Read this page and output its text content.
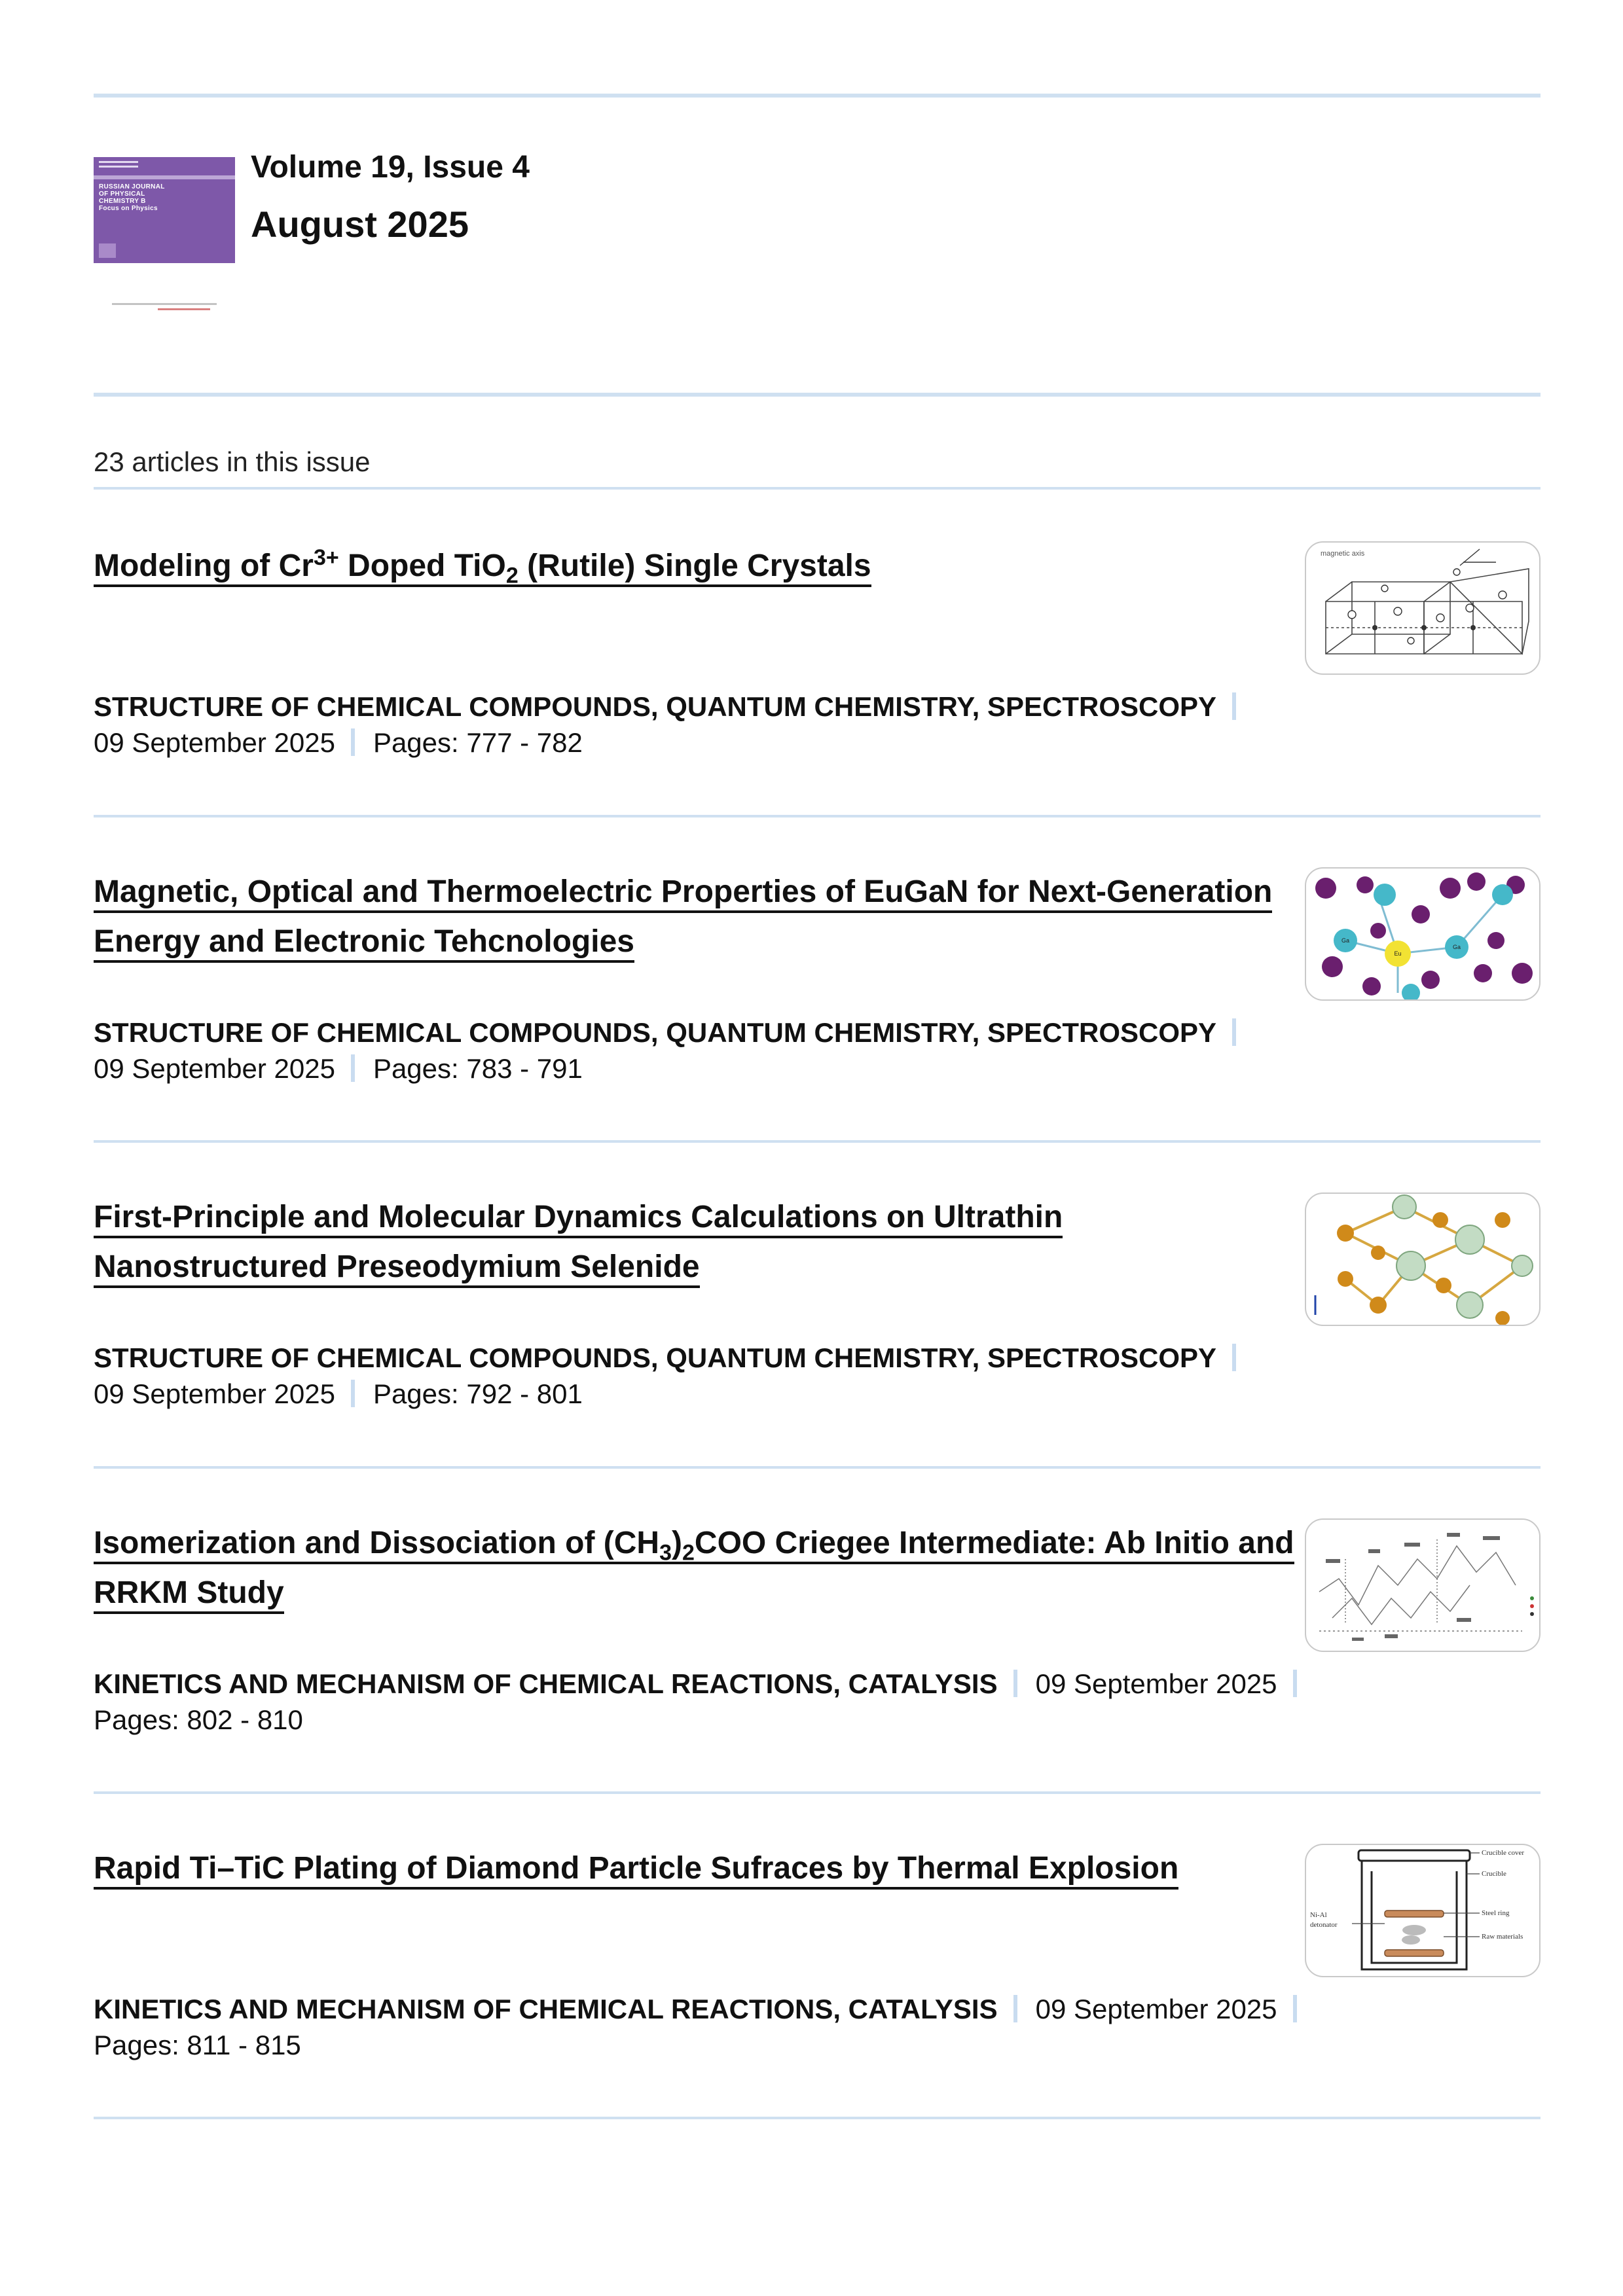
RUSSIAN JOURNAL
OF PHYSICAL
CHEMISTRY B
Focus on Physics
Volume 19, Issue 4
August 2025
23 articles in this issue
Modeling of $Cr^{3+}$ Doped TiO$_2$ (Rutile) Single Crystals
STRUCTURE OF CHEMICAL COMPOUNDS, QUANTUM CHEMISTRY, SPECTROSCOPY
09 September 2025 Pages: 777 - 782
magnetic axis
Magnetic, Optical and Thermoelectric Properties of EuGaN for Next-Generation Energy and Electronic Tehcnologies
STRUCTURE OF CHEMICAL COMPOUNDS, QUANTUM CHEMISTRY, SPECTROSCOPY
09 September 2025 Pages: 783 - 791
Ga
Eu
Ga
First-Principle and Molecular Dynamics Calculations on Ultrathin Nanostructured Preseodymium Selenide
STRUCTURE OF CHEMICAL COMPOUNDS, QUANTUM CHEMISTRY, SPECTROSCOPY
09 September 2025 Pages: 792 - 801
Isomerization and Dissociation of $(CH_3)_2COO$ Criegee Intermediate: Ab Initio and RRKM Study
KINETICS AND MECHANISM OF CHEMICAL REACTIONS, CATALYSIS 09 September 2025
Pages: 802 - 810
Rapid Ti–TiC Plating of Diamond Particle Sufraces by Thermal Explosion
KINETICS AND MECHANISM OF CHEMICAL REACTIONS, CATALYSIS 09 September 2025
Pages: 811 - 815
Crucible cover
Crucible
Steel ring
Raw materials
Ni-Al
detonator
